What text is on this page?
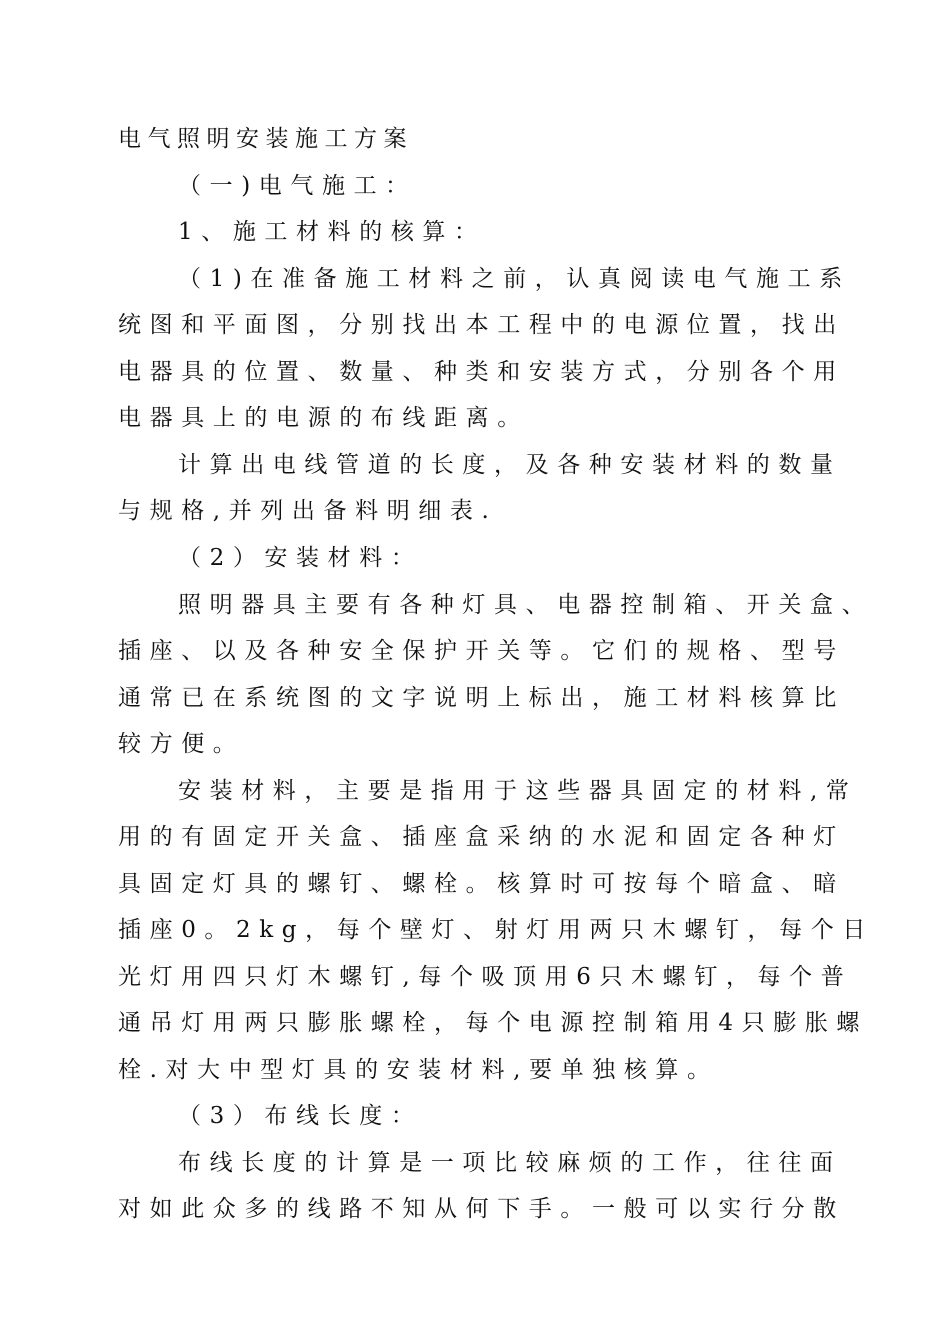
电气照明安装施工方案
（一)电气施工：
1、施工材料的核算：
（1)在准备施工材料之前，认真阅读电气施工系
统图和平面图，分别找出本工程中的电源位置，找出
电器具的位置、数量、种类和安装方式，分别各个用
电器具上的电源的布线距离。
计算出电线管道的长度，及各种安装材料的数量
与规格,并列出备料明细表.
（2）安装材料：
照明器具主要有各种灯具、电器控制箱、开关盒、
插座、以及各种安全保护开关等。它们的规格、型号
通常已在系统图的文字说明上标出，施工材料核算比
较方便。
安装材料，主要是指用于这些器具固定的材料,常
用的有固定开关盒、插座盒采纳的水泥和固定各种灯
具固定灯具的螺钉、螺栓。核算时可按每个暗盒、暗
插座0。2kg，每个壁灯、射灯用两只木螺钉，每个日
光灯用四只灯木螺钉,每个吸顶用6只木螺钉，每个普
通吊灯用两只膨胀螺栓，每个电源控制箱用4只膨胀螺
栓.对大中型灯具的安装材料,要单独核算。
（3）布线长度：
布线长度的计算是一项比较麻烦的工作，往往面
对如此众多的线路不知从何下手。一般可以实行分散
